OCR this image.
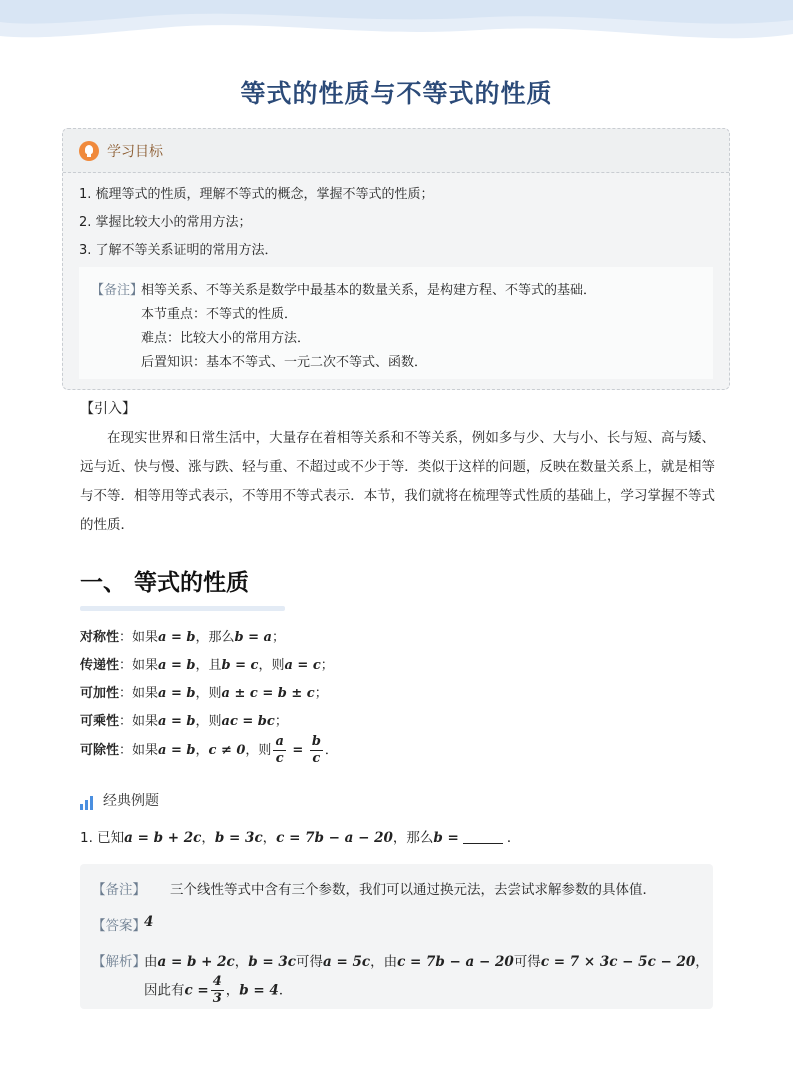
等式的性质与不等式的性质
学习目标
1. 梳理等式的性质，理解不等式的概念，掌握不等式的性质；
2. 掌握比较大小的常用方法；
3. 了解不等关系证明的常用方法．
【备注】
相等关系、不等关系是数学中最基本的数量关系，是构建方程、不等式的基础．
本节重点：不等式的性质．
难点：比较大小的常用方法．
后置知识：基本不等式、一元二次不等式、函数．
【引入】
在现实世界和日常生活中，大量存在着相等关系和不等关系，例如多与少、大与小、长与短、高与矮、远与近、快与慢、涨与跌、轻与重、不超过或不少于等．类似于这样的问题，反映在数量关系上，就是相等与不等．相等用等式表示，不等用不等式表示．本节，我们就将在梳理等式性质的基础上，学习掌握不等式的性质．
一、 等式的性质
对称性：如果a = b，那么b = a；
传递性：如果a = b，且b = c，则a = c；
可加性：如果a = b，则a ± c = b ± c；
可乘性：如果a = b，则ac = bc；
可除性：如果a = b，c ≠ 0，则 $\frac{a}{c} = \frac{b}{c}$ ．
经典例题
1. 已知a = b + 2c，b = 3c，c = 7b − a − 20，那么b =	．
【备注】 三个线性等式中含有三个参数，我们可以通过换元法，去尝试求解参数的具体值．
【答案】
4
【解析】
由a = b + 2c，b = 3c可得a = 5c，由c = 7b − a − 20可得c = 7 × 3c − 5c − 20，
因此有$c = \frac{4}{3}$ ，b = 4．
